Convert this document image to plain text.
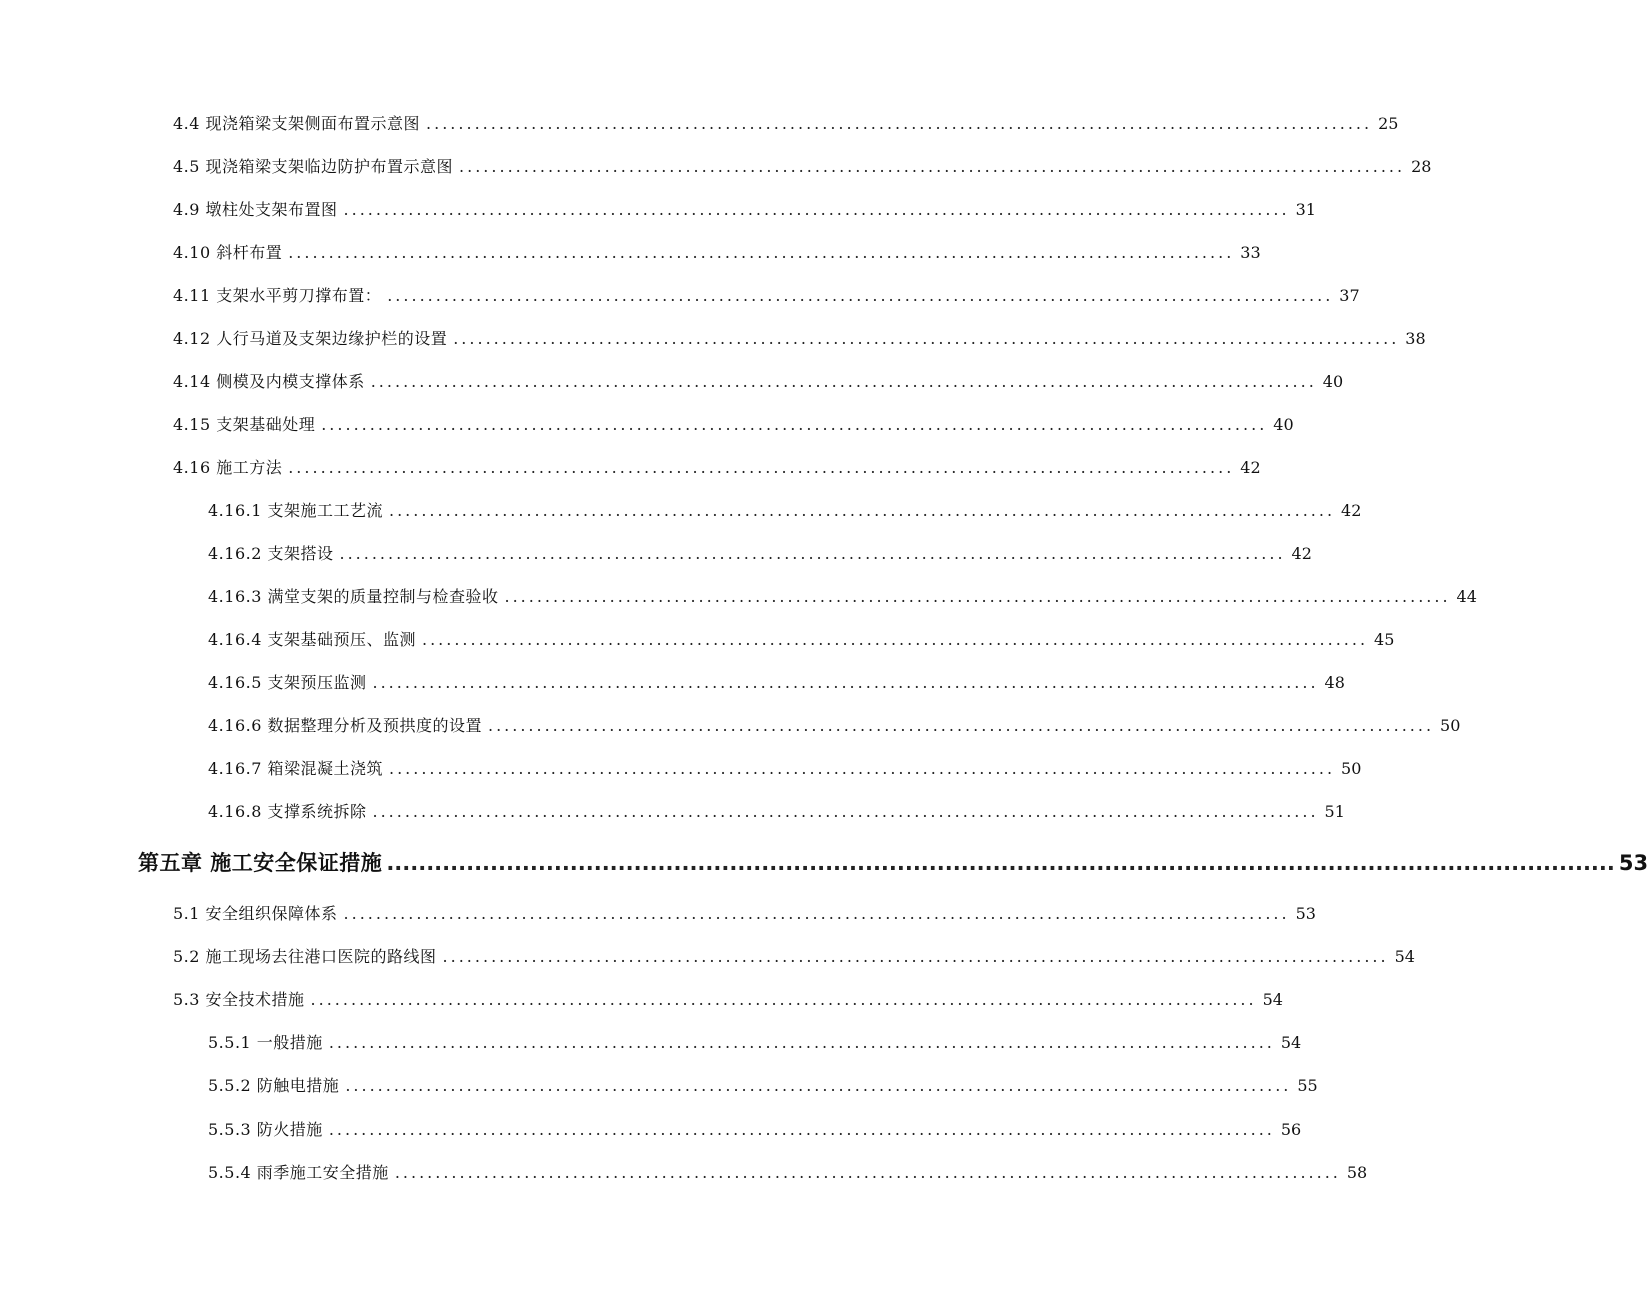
4.4 现浇箱梁支架侧面布置示意图 ..................................................................................................................... 25
4.5 现浇箱梁支架临边防护布置示意图 ..................................................................................................................... 28
4.9 墩柱处支架布置图 ..................................................................................................................... 31
4.10 斜杆布置 ..................................................................................................................... 33
4.11 支架水平剪刀撑布置： ..................................................................................................................... 37
4.12 人行马道及支架边缘护栏的设置 ..................................................................................................................... 38
4.14 侧模及内模支撑体系 ..................................................................................................................... 40
4.15 支架基础处理 ..................................................................................................................... 40
4.16 施工方法 ..................................................................................................................... 42
4.16.1 支架施工工艺流 ..................................................................................................................... 42
4.16.2 支架搭设 ..................................................................................................................... 42
4.16.3 满堂支架的质量控制与检查验收 ..................................................................................................................... 44
4.16.4 支架基础预压、监测 ..................................................................................................................... 45
4.16.5 支架预压监测 ..................................................................................................................... 48
4.16.6 数据整理分析及预拱度的设置 ..................................................................................................................... 50
4.16.7 箱梁混凝土浇筑 ..................................................................................................................... 50
4.16.8 支撑系统拆除 ..................................................................................................................... 51
第五章 施工安全保证措施 .......................................................................................................................................................... 53
5.1 安全组织保障体系 ..................................................................................................................... 53
5.2 施工现场去往港口医院的路线图 ..................................................................................................................... 54
5.3 安全技术措施 ..................................................................................................................... 54
5.5.1 一般措施 ..................................................................................................................... 54
5.5.2 防触电措施 ..................................................................................................................... 55
5.5.3 防火措施 ..................................................................................................................... 56
5.5.4 雨季施工安全措施 ..................................................................................................................... 58
